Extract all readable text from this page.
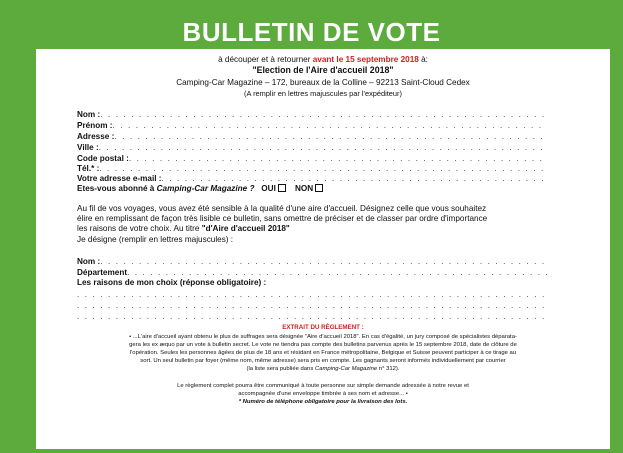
BULLETIN DE VOTE
à découper et à retourner avant le 15 septembre 2018 à:
"Election de l'Aire d'accueil 2018"
Camping-Car Magazine – 172, bureaux de la Colline – 92213 Saint-Cloud Cedex
(A remplir en lettres majuscules par l'expéditeur)
Nom :
. . .
Prénom :
. . .
Adresse :
. . .
Ville :
. . .
Code postal :
. . .
Tél.* :
. . .
Votre adresse e-mail :
. . .
Etes-vous abonné à Camping-Car Magazine ? OUI NON
Au fil de vos voyages, vous avez été sensible à la qualité d'une aire d'accueil. Désignez celle que vous souhaitez
élire en remplissant de façon très lisible ce bulletin, sans omettre de préciser et de classer par ordre d'importance
les raisons de votre choix. Au titre "d'Aire d'accueil 2018"
Je désigne (remplir en lettres majuscules) :
Nom :
. . .
Département
. . .
Les raisons de mon choix (réponse obligatoire) :
. . .
. . .
. . .
EXTRAIT DU RÈGLEMENT :
• ...L'aire d'accueil ayant obtenu le plus de suffrages sera désignée "Aire d'accueil 2018". En cas d'égalité, un jury composé de spécialistes déparata-
gera les ex æquo par un vote à bulletin secret. Le vote ne tiendra pas compte des bulletins parvenus après le 15 septembre 2018, date de clôture de
l'opération. Seules les personnes âgées de plus de 18 ans et résidant en France métropolitaine, Belgique et Suisse peuvent participer à ce tirage au
sort. Un seul bulletin par foyer (même nom, même adresse) sera pris en compte. Les gagnants seront informés individuellement par courrier
(la liste sera publiée dans Camping-Car Magazine n° 312).
Le règlement complet pourra être communiqué à toute personne sur simple demande adressée à notre revue et
accompagnée d'une enveloppe timbrée à ses nom et adresse... •
* Numéro de téléphone obligatoire pour la livraison des lots.
